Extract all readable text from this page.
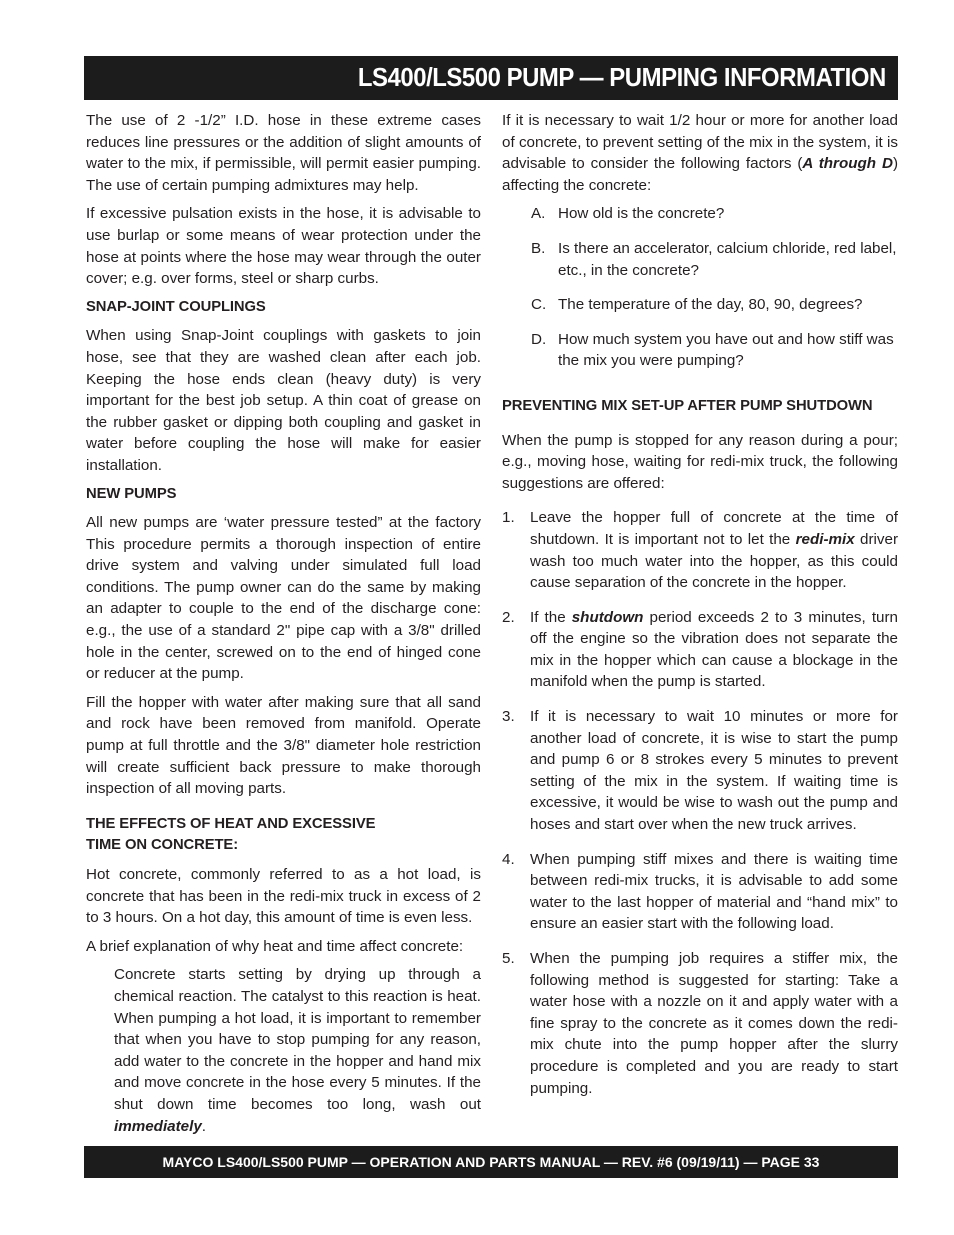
LS400/LS500 PUMP — PUMPING INFORMATION

The use of 2 -1/2” I.D. hose in these extreme cases reduces line pressures or the addition of slight amounts of water to the mix, if permissible, will permit easier pumping. The use of certain pumping admixtures may help.

If excessive pulsation exists in the hose, it is advisable to use burlap or some means of wear protection under the hose at points where the hose may wear through the outer cover; e.g. over forms, steel or sharp curbs.

SNAP-JOINT COUPLINGS

When using Snap-Joint couplings with gaskets to join hose, see that they are washed clean after each job. Keeping the hose ends clean (heavy duty) is very important for the best job setup. A thin coat of grease on the rubber gasket or dipping both coupling and gasket in water before coupling the hose will make for easier installation.

NEW PUMPS

All new pumps are ‘water pressure tested” at the factory This procedure permits a thorough inspection of entire drive system and valving under simulated full load conditions. The pump owner can do the same by making an adapter to couple to the end of the discharge cone: e.g., the use of a standard 2" pipe cap with a 3/8" drilled hole in the center, screwed on to the end of hinged cone or reducer at the pump.

Fill the hopper with water after making sure that all sand and rock have been removed from manifold. Operate pump at full throttle and the 3/8" diameter hole restriction will create sufficient back pressure to make thorough inspection of all moving parts.

THE EFFECTS OF HEAT AND EXCESSIVE
TIME ON CONCRETE:

Hot concrete, commonly referred to as a hot load, is concrete that has been in the redi-mix truck in excess of 2 to 3 hours. On a hot day, this amount of time is even less.

A brief explanation of why heat and time affect concrete:

Concrete starts setting by drying up through a chemical reaction. The catalyst to this reaction is heat. When pumping a hot load, it is important to remember that when you have to stop pumping for any reason, add water to the concrete in the hopper and hand mix and move concrete in the hose every 5 minutes. If the shut down time becomes too long, wash out immediately.

If it is necessary to wait 1/2 hour or more for another load of concrete, to prevent setting of the mix in the system, it is advisable to consider the following factors (A through D) affecting the concrete:

A. How old is the concrete?
B. Is there an accelerator, calcium chloride, red label, etc., in the concrete?
C. The temperature of the day, 80, 90, degrees?
D. How much system you have out and how stiff was the mix you were pumping?
PREVENTING MIX SET-UP AFTER PUMP SHUTDOWN

When the pump is stopped for any reason during a pour; e.g., moving hose, waiting for redi-mix truck, the following suggestions are offered:

1.	Leave the hopper full of concrete at the time of shutdown. It is important not to let the redi-mix driver wash too much water into the hopper, as this could cause separation of the concrete in the hopper.
2.	If the shutdown period exceeds 2 to 3 minutes, turn off the engine so the vibration does not separate the mix in the hopper which can cause a blockage in the manifold when the pump is started.
3.	If it is necessary to wait 10 minutes or more for another load of concrete, it is wise to start the pump and pump 6 or 8 strokes every 5 minutes to prevent setting of the mix in the system. If waiting time is excessive, it would be wise to wash out the pump and hoses and start over when the new truck arrives.
4.	When pumping stiff mixes and there is waiting time between redi-mix trucks, it is advisable to add some water to the last hopper of material and “hand mix” to ensure an easier start with the following load.
5.	When the pumping job requires a stiffer mix, the following method is suggested for starting: Take a water hose with a nozzle on it and apply water with a fine spray to the concrete as it comes down the redi-mix chute into the pump hopper after the slurry procedure is completed and you are ready to start pumping.
MAYCO LS400/LS500 PUMP — OPERATION AND PARTS MANUAL — REV. #6 (09/19/11) — PAGE 33
